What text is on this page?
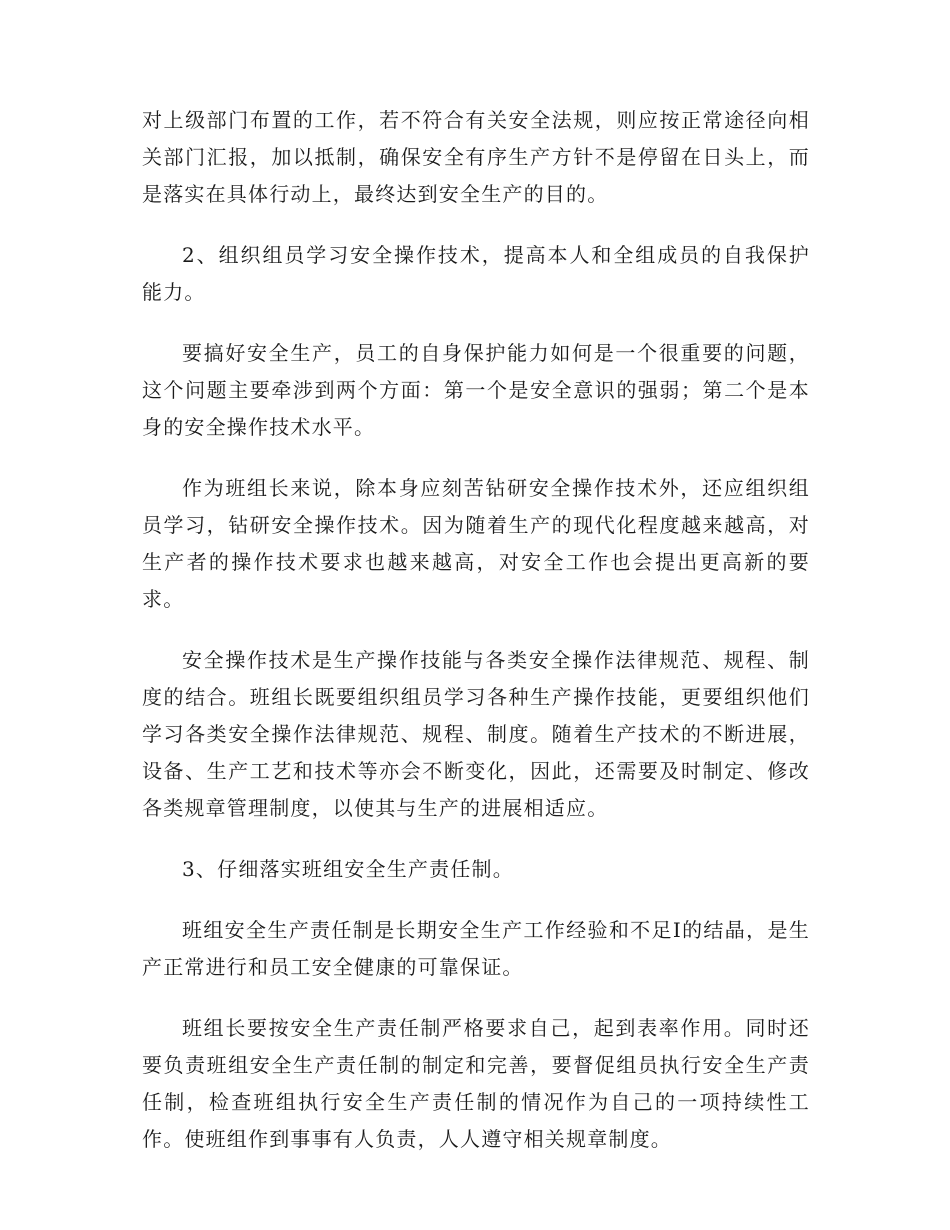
对上级部门布置的工作，若不符合有关安全法规，则应按正常途径向相关部门汇报，加以抵制，确保安全有序生产方针不是停留在日头上，而是落实在具体行动上，最终达到安全生产的目的。

2、组织组员学习安全操作技术，提高本人和全组成员的自我保护能力。

要搞好安全生产，员工的自身保护能力如何是一个很重要的问题，这个问题主要牵涉到两个方面：第一个是安全意识的强弱；第二个是本身的安全操作技术水平。

作为班组长来说，除本身应刻苦钻研安全操作技术外，还应组织组员学习，钻研安全操作技术。因为随着生产的现代化程度越来越高，对生产者的操作技术要求也越来越高，对安全工作也会提出更高新的要求。

安全操作技术是生产操作技能与各类安全操作法律规范、规程、制度的结合。班组长既要组织组员学习各种生产操作技能，更要组织他们学习各类安全操作法律规范、规程、制度。随着生产技术的不断进展，设备、生产工艺和技术等亦会不断变化，因此，还需要及时制定、修改各类规章管理制度，以使其与生产的进展相适应。

3、仔细落实班组安全生产责任制。

班组安全生产责任制是长期安全生产工作经验和不足I的结晶，是生产正常进行和员工安全健康的可靠保证。

班组长要按安全生产责任制严格要求自己，起到表率作用。同时还要负责班组安全生产责任制的制定和完善，要督促组员执行安全生产责任制，检查班组执行安全生产责任制的情况作为自己的一项持续性工作。使班组作到事事有人负责，人人遵守相关规章制度。
